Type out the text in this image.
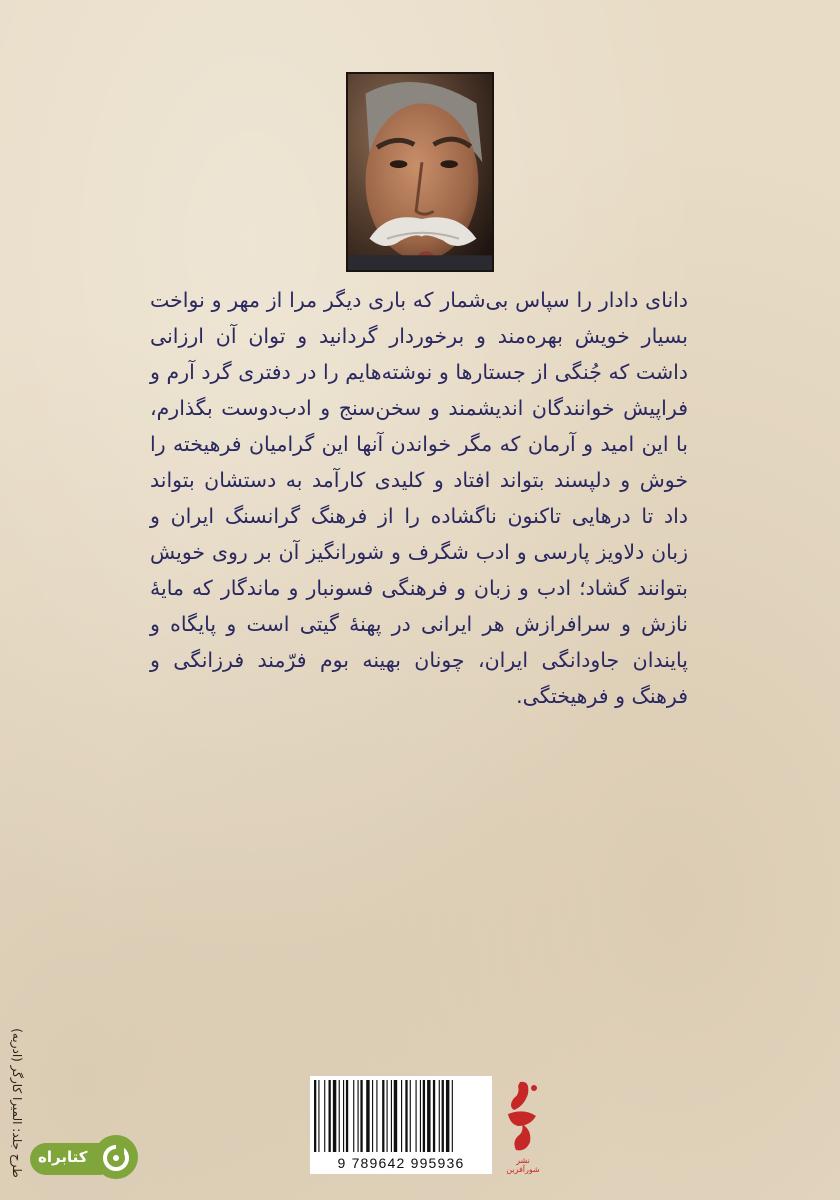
دانای دادار را سپاس بی‌شمار که باری دیگر مرا از مهر و نواخت بسیار خویش بهره‌مند و برخوردار گردانید و توان آن ارزانی داشت که جُنگی از جستارها و نوشته‌هایم را در دفتری گرد آرم و فراپیش خوانندگان اندیشمند و سخن‌سنج و ادب‌دوست بگذارم، با این امید و آرمان که مگر خواندن آنها این گرامیان فرهیخته را خوش و دلپسند بتواند افتاد و کلیدی کارآمد به دستشان بتواند داد تا درهایی تاکنون ناگشاده را از فرهنگ گرانسنگ ایران و زبان دلاویز پارسی و ادب شگرف و شورانگیز آن بر روی خویش بتوانند گشاد؛ ادب و زبان و فرهنگی فسونبار و ماندگار که مایهٔ نازش و سرافرازش هر ایرانی در پهنهٔ گیتی است و پایگاه و پایندان جاودانگی ایران، چونان بهینه بوم فرّمند فرزانگی و فرهنگ و فرهیختگی.

طرح جلد: المیرا کارگر (ادریه) کتابراه	9 789642 995936	نشر شورآفرین
